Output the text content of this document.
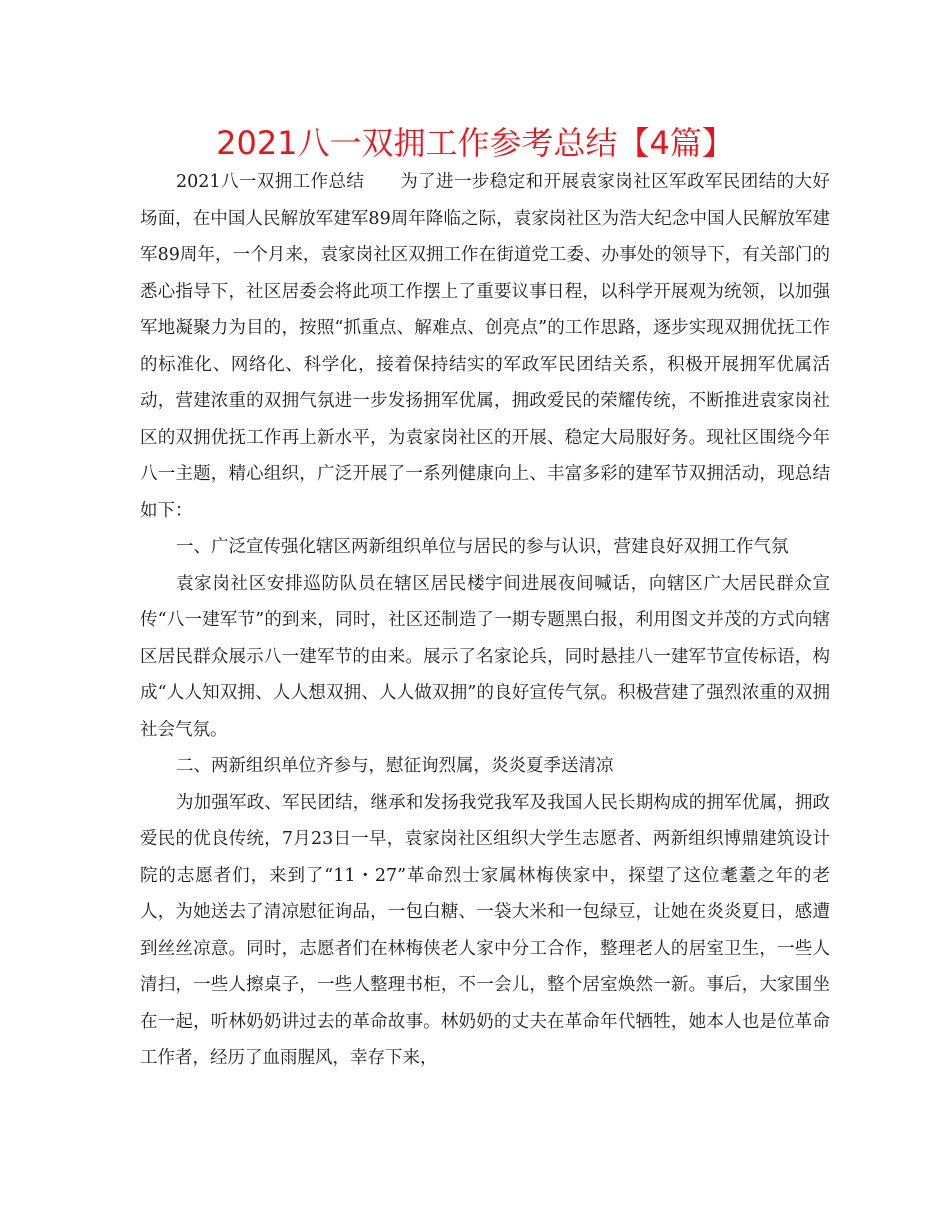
2021八一双拥工作参考总结【4篇】

2021八一双拥工作总结　　为了进一步稳定和开展袁家岗社区军政军民团结的大好场面，在中国人民解放军建军89周年降临之际，袁家岗社区为浩大纪念中国人民解放军建军89周年，一个月来，袁家岗社区双拥工作在街道党工委、办事处的领导下，有关部门的悉心指导下，社区居委会将此项工作摆上了重要议事日程，以科学开展观为统领，以加强军地凝聚力为目的，按照“抓重点、解难点、创亮点”的工作思路，逐步实现双拥优抚工作的标准化、网络化、科学化，接着保持结实的军政军民团结关系，积极开展拥军优属活动，营建浓重的双拥气氛进一步发扬拥军优属，拥政爱民的荣耀传统，不断推进袁家岗社区的双拥优抚工作再上新水平，为袁家岗社区的开展、稳定大局服好务。现社区围绕今年八一主题，精心组织，广泛开展了一系列健康向上、丰富多彩的建军节双拥活动，现总结如下：

一、广泛宣传强化辖区两新组织单位与居民的参与认识，营建良好双拥工作气氛

袁家岗社区安排巡防队员在辖区居民楼宇间进展夜间喊话，向辖区广大居民群众宣传“八一建军节”的到来，同时，社区还制造了一期专题黑白报，利用图文并茂的方式向辖区居民群众展示八一建军节的由来。展示了名家论兵，同时悬挂八一建军节宣传标语，构成“人人知双拥、人人想双拥、人人做双拥”的良好宣传气氛。积极营建了强烈浓重的双拥社会气氛。

二、两新组织单位齐参与，慰征询烈属，炎炎夏季送清凉

为加强军政、军民团结，继承和发扬我党我军及我国人民长期构成的拥军优属，拥政爱民的优良传统，7月23日一早，袁家岗社区组织大学生志愿者、两新组织博鼎建筑设计院的志愿者们，来到了“11・27”革命烈士家属林梅侠家中，探望了这位耄耋之年的老人，为她送去了清凉慰征询品，一包白糖、一袋大米和一包绿豆，让她在炎炎夏日，感遭到丝丝凉意。同时，志愿者们在林梅侠老人家中分工合作，整理老人的居室卫生，一些人清扫，一些人擦桌子，一些人整理书柜，不一会儿，整个居室焕然一新。事后，大家围坐在一起，听林奶奶讲过去的革命故事。林奶奶的丈夫在革命年代牺牲，她本人也是位革命工作者，经历了血雨腥风，幸存下来，
